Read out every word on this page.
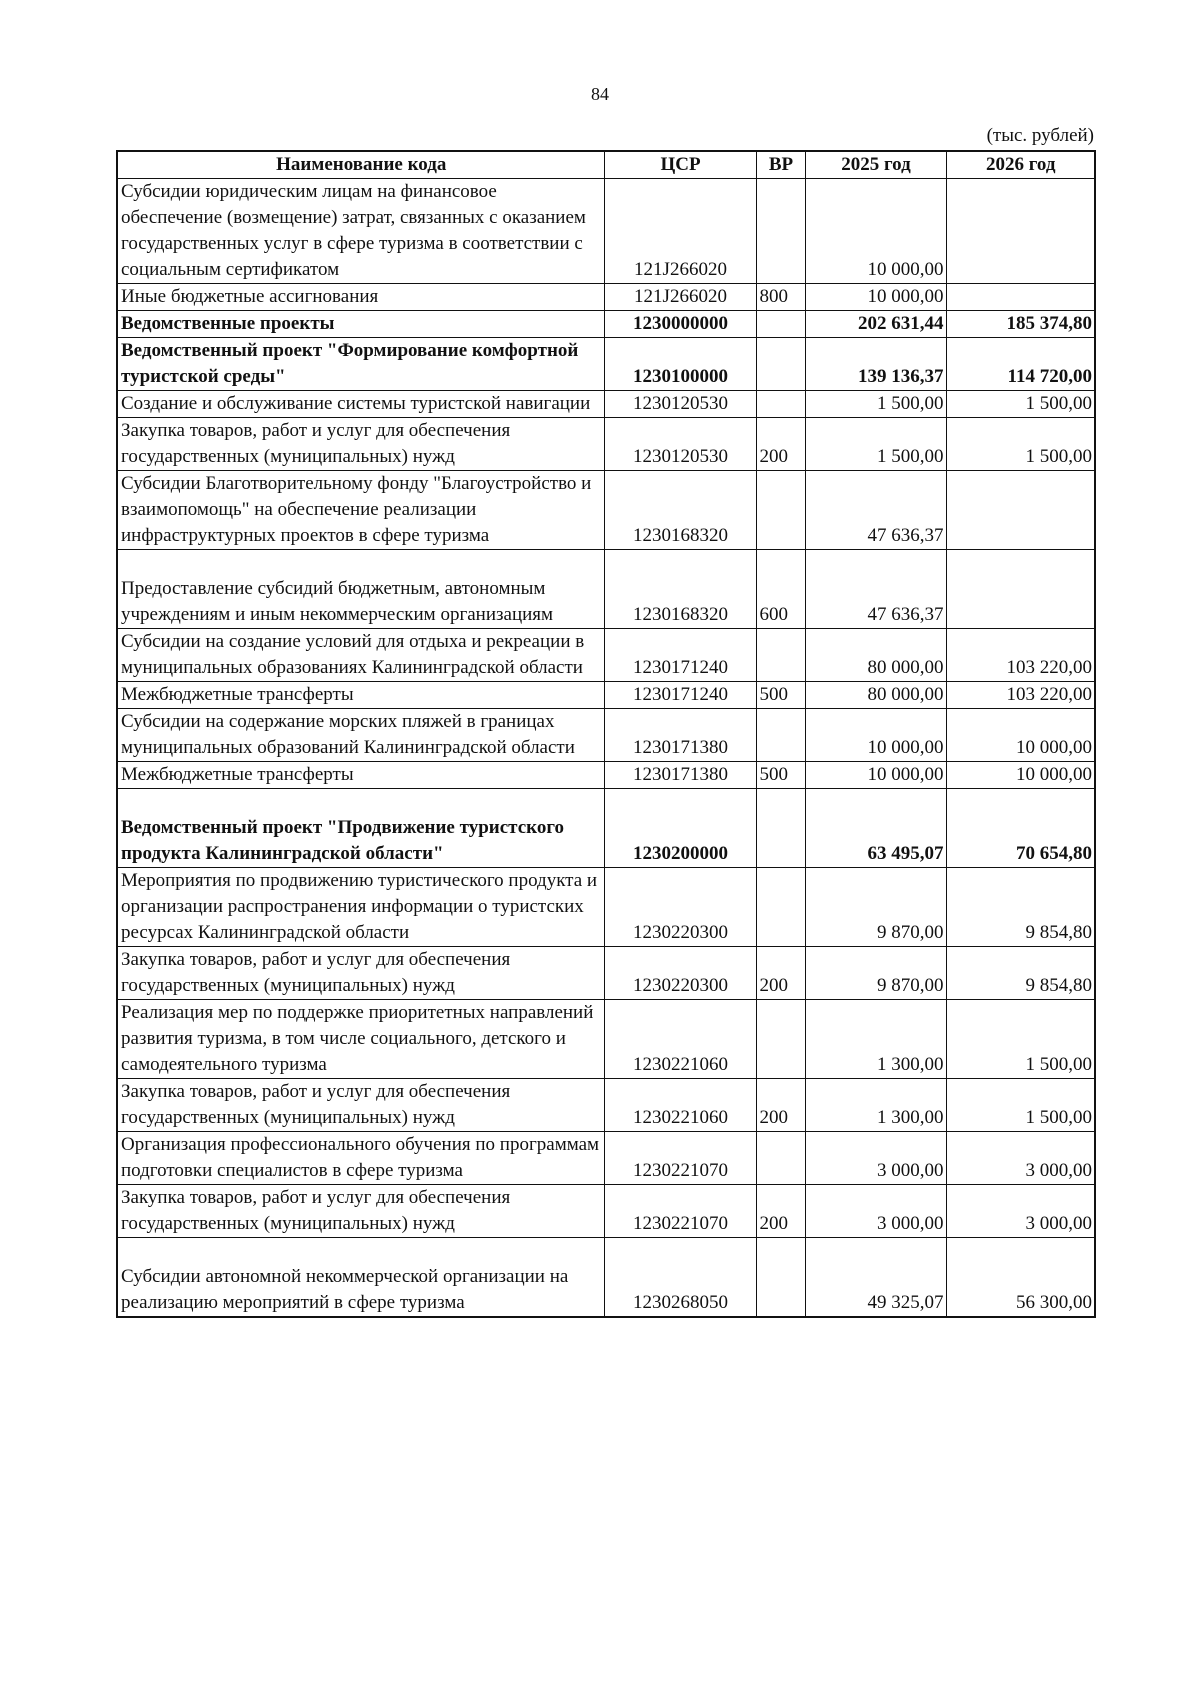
84
(тыс. рублей)
Наименование кода	ЦСР	ВР	2025 год	2026 год
Субсидии юридическим лицам на финансовое обеспечение (возмещение) затрат, связанных с оказанием государственных услуг в сфере туризма в соответствии с социальным сертификатом	121J266020		10 000,00	
Иные бюджетные ассигнования	121J266020	800	10 000,00	
Ведомственные проекты	1230000000		202 631,44	185 374,80
Ведомственный проект "Формирование комфортной туристской среды"	1230100000		139 136,37	114 720,00
Создание и обслуживание системы туристской навигации	1230120530		1 500,00	1 500,00
Закупка товаров, работ и услуг для обеспечения государственных (муниципальных) нужд	1230120530	200	1 500,00	1 500,00
Субсидии Благотворительному фонду "Благоустройство и взаимопомощь" на обеспечение реализации инфраструктурных проектов в сфере туризма	1230168320		47 636,37	
Предоставление субсидий бюджетным, автономным учреждениям и иным некоммерческим организациям	1230168320	600	47 636,37	
Субсидии на создание условий для отдыха и рекреации в муниципальных образованиях Калининградской области	1230171240		80 000,00	103 220,00
Межбюджетные трансферты	1230171240	500	80 000,00	103 220,00
Субсидии на содержание морских пляжей в границах муниципальных образований Калининградской области	1230171380		10 000,00	10 000,00
Межбюджетные трансферты	1230171380	500	10 000,00	10 000,00
Ведомственный проект "Продвижение туристского продукта Калининградской области"	1230200000		63 495,07	70 654,80
Мероприятия по продвижению туристического продукта и организации распространения информации о туристских ресурсах Калининградской области	1230220300		9 870,00	9 854,80
Закупка товаров, работ и услуг для обеспечения государственных (муниципальных) нужд	1230220300	200	9 870,00	9 854,80
Реализация мер по поддержке приоритетных направлений развития туризма, в том числе социального, детского и самодеятельного туризма	1230221060		1 300,00	1 500,00
Закупка товаров, работ и услуг для обеспечения государственных (муниципальных) нужд	1230221060	200	1 300,00	1 500,00
Организация профессионального обучения по программам подготовки специалистов в сфере туризма	1230221070		3 000,00	3 000,00
Закупка товаров, работ и услуг для обеспечения государственных (муниципальных) нужд	1230221070	200	3 000,00	3 000,00
Субсидии автономной некоммерческой организации на реализацию мероприятий в сфере туризма	1230268050		49 325,07	56 300,00
